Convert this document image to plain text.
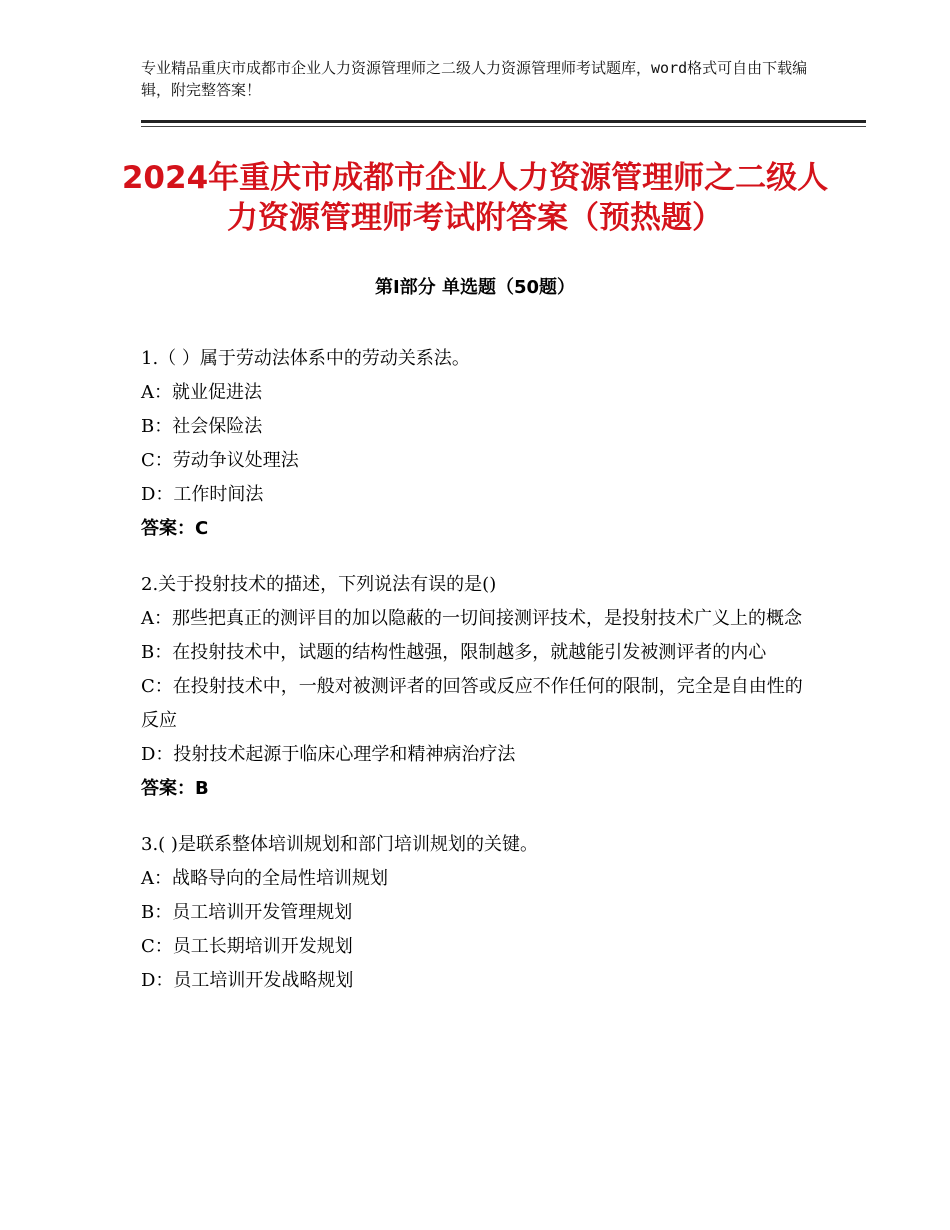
专业精品重庆市成都市企业人力资源管理师之二级人力资源管理师考试题库，word格式可自由下载编辑，附完整答案！
2024年重庆市成都市企业人力资源管理师之二级人力资源管理师考试附答案（预热题）
第Ⅰ部分 单选题（50题）

1.（ ）属于劳动法体系中的劳动关系法。

A：就业促进法

B：社会保险法

C：劳动争议处理法

D：工作时间法

答案：C

2.关于投射技术的描述，下列说法有误的是()

A：那些把真正的测评目的加以隐蔽的一切间接测评技术，是投射技术广义上的概念

B：在投射技术中，试题的结构性越强，限制越多，就越能引发被测评者的内心

C：在投射技术中，一般对被测评者的回答或反应不作任何的限制，完全是自由性的反应

D：投射技术起源于临床心理学和精神病治疗法

答案：B

3.( )是联系整体培训规划和部门培训规划的关键。

A：战略导向的全局性培训规划

B：员工培训开发管理规划

C：员工长期培训开发规划

D：员工培训开发战略规划
